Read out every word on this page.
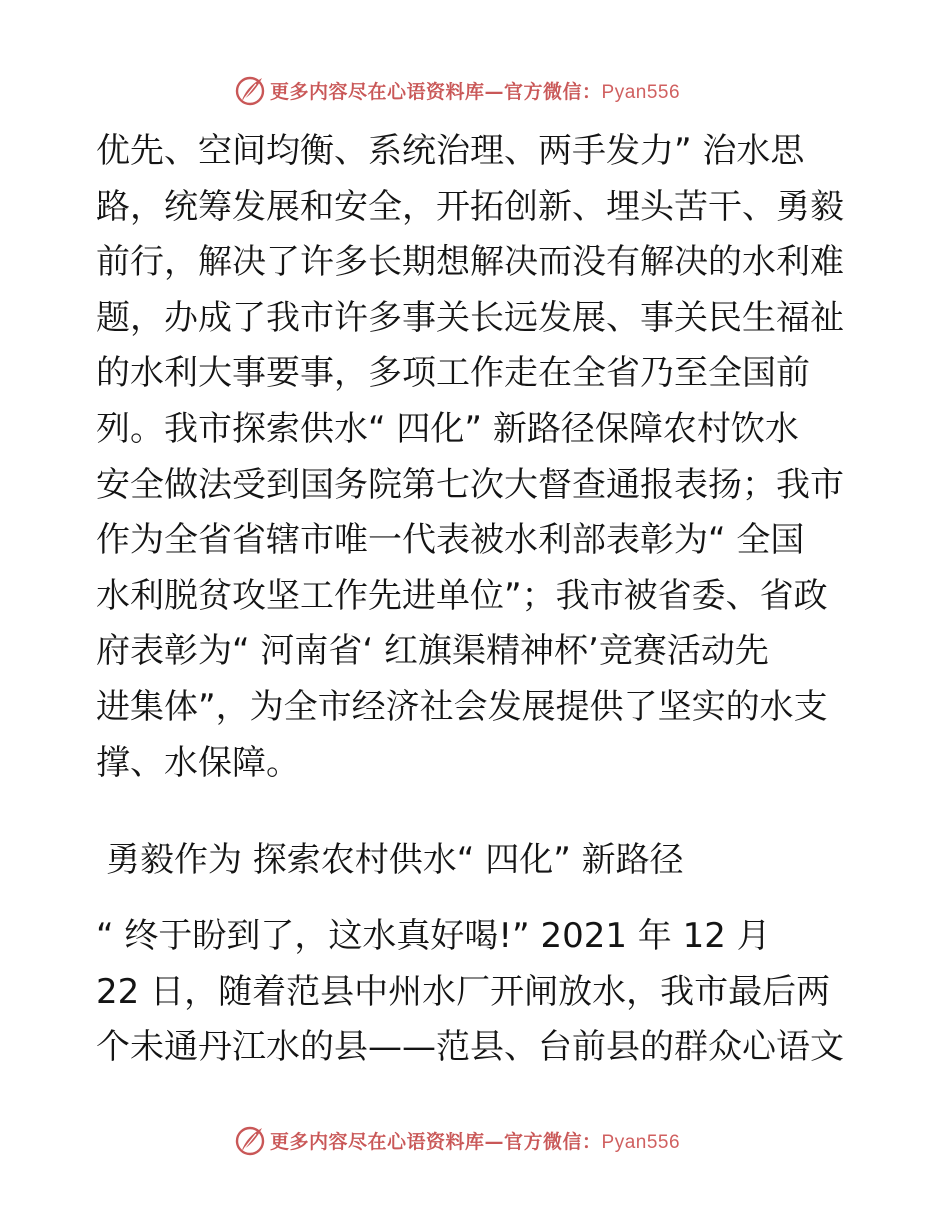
更多内容尽在心语资料库—官方微信：Pyan556
优先、空间均衡、系统治理、两手发力” 治水思
路，统筹发展和安全，开拓创新、埋头苦干、勇毅
前行，解决了许多长期想解决而没有解决的水利难
题，办成了我市许多事关长远发展、事关民生福祉
的水利大事要事，多项工作走在全省乃至全国前
列。我市探索供水“ 四化” 新路径保障农村饮水
安全做法受到国务院第七次大督查通报表扬；我市
作为全省省辖市唯一代表被水利部表彰为“ 全国
水利脱贫攻坚工作先进单位”；我市被省委、省政
府表彰为“ 河南省‘ 红旗渠精神杯’竞赛活动先
进集体”，为全市经济社会发展提供了坚实的水支
撑、水保障。
勇毅作为 探索农村供水“ 四化” 新路径
“ 终于盼到了，这水真好喝!” 2021 年 12 月
22 日，随着范县中州水厂开闸放水，我市最后两
个未通丹江水的县——范县、台前县的群众心语文
更多内容尽在心语资料库—官方微信：Pyan556
